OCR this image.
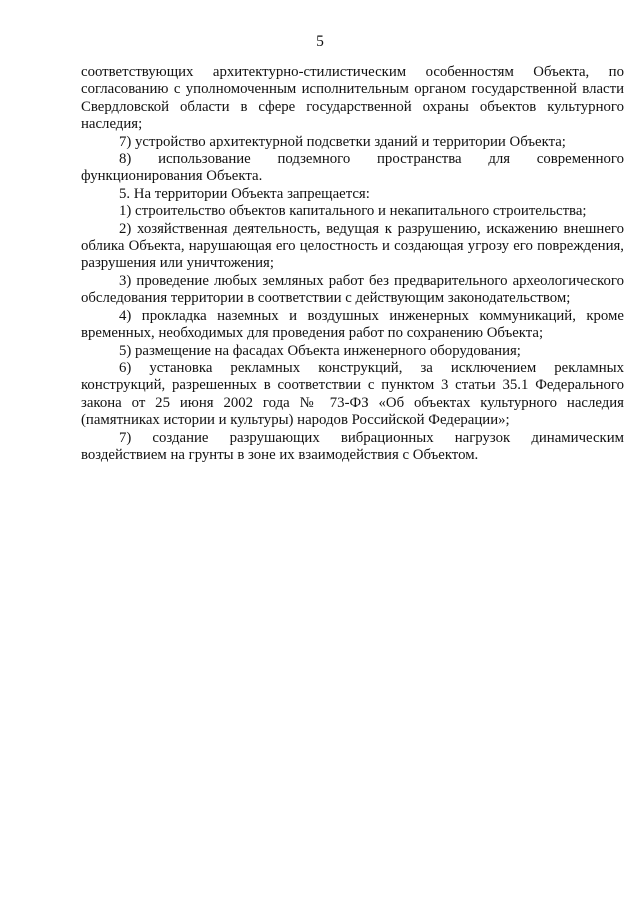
5

соответствующих архитектурно-стилистическим особенностям Объекта, по согласованию с уполномоченным исполнительным органом государственной власти Свердловской области в сфере государственной охраны объектов культурного наследия;

7) устройство архитектурной подсветки зданий и территории Объекта;

8) использование подземного пространства для современного функционирования Объекта.

5. На территории Объекта запрещается:

1) строительство объектов капитального и некапитального строительства;

2) хозяйственная деятельность, ведущая к разрушению, искажению внешнего облика Объекта, нарушающая его целостность и создающая угрозу его повреждения, разрушения или уничтожения;

3) проведение любых земляных работ без предварительного археологического обследования территории в соответствии с действующим законодательством;

4) прокладка наземных и воздушных инженерных коммуникаций, кроме временных, необходимых для проведения работ по сохранению Объекта;

5) размещение на фасадах Объекта инженерного оборудования;

6) установка рекламных конструкций, за исключением рекламных конструкций, разрешенных в соответствии с пунктом 3 статьи 35.1 Федерального закона от 25 июня 2002 года № 73-ФЗ «Об объектах культурного наследия (памятниках истории и культуры) народов Российской Федерации»;

7) создание разрушающих вибрационных нагрузок динамическим воздействием на грунты в зоне их взаимодействия с Объектом.
